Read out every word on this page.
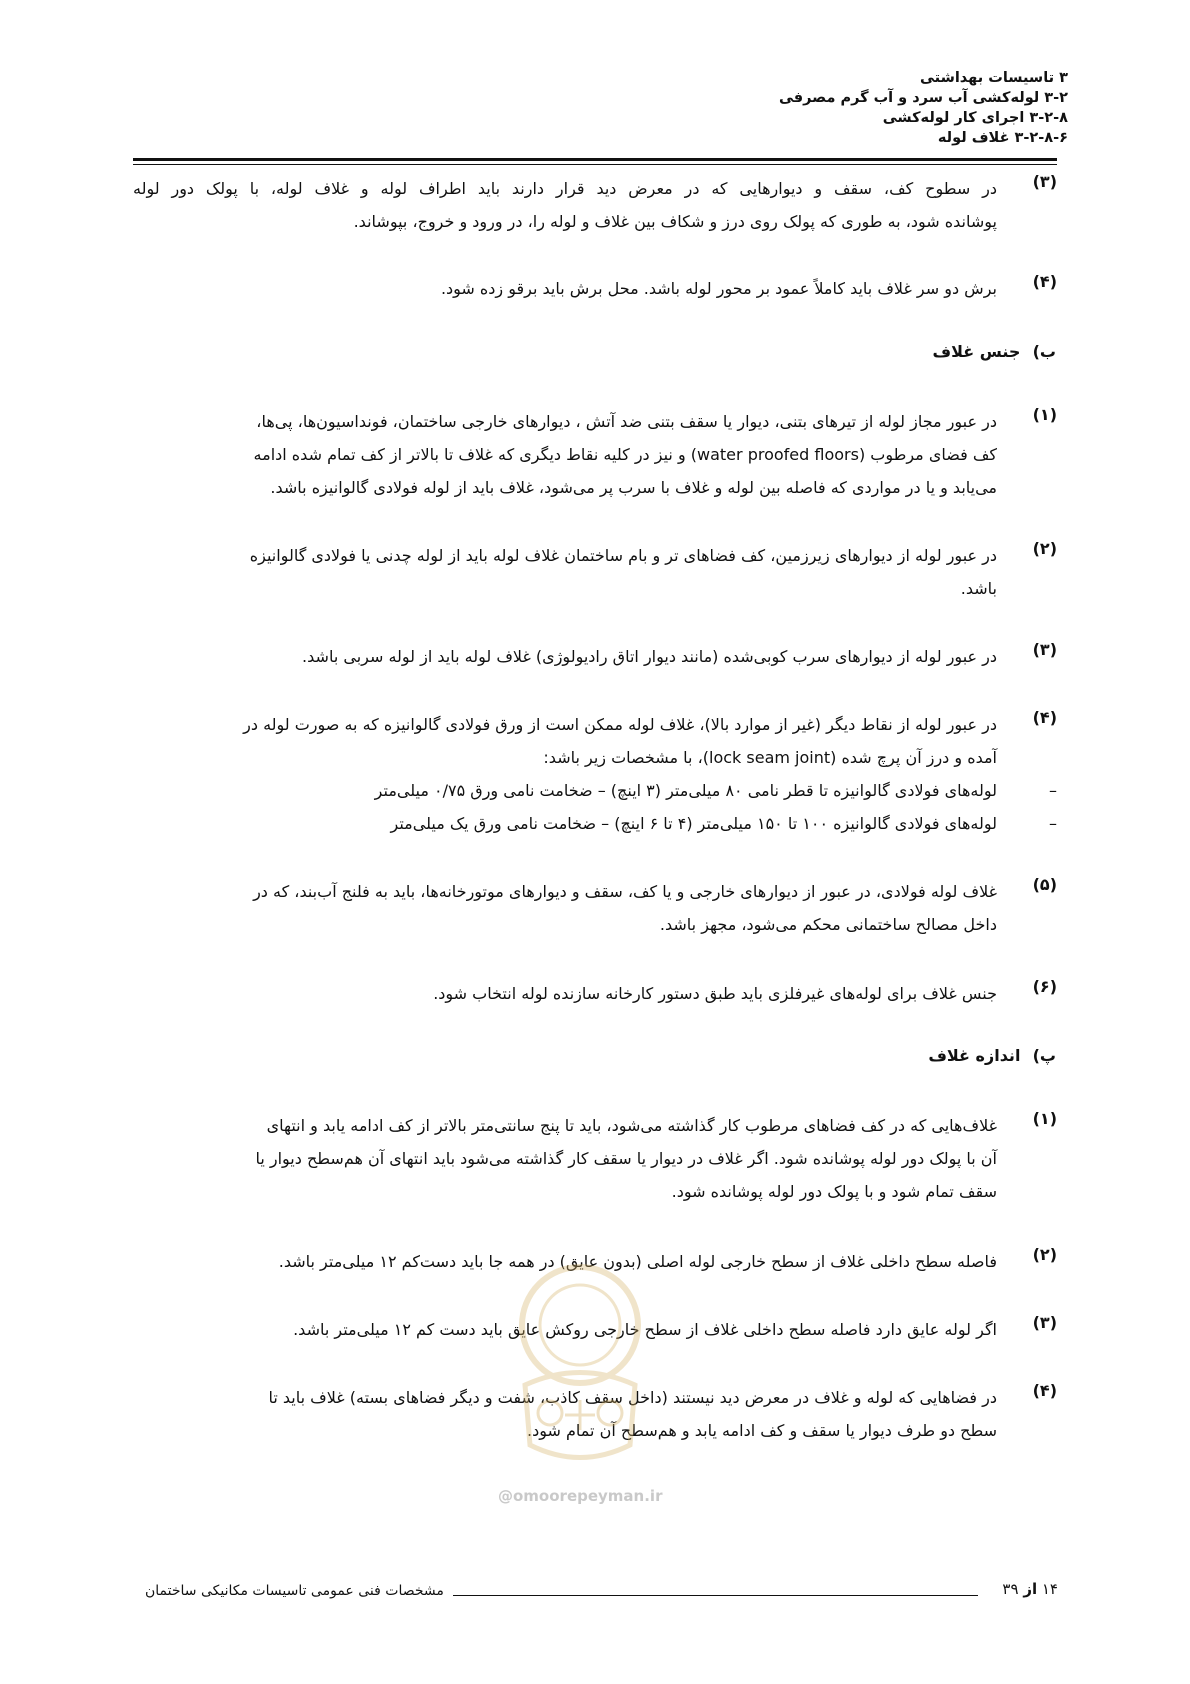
۳ تاسیسات بهداشتی
۳-۲ لوله‌کشی آب سرد و آب گرم مصرفی
۳-۲-۸ اجرای کار لوله‌کشی
۳-۲-۸-۶ غلاف لوله
(۳)
در سطوح کف، سقف و دیوارهایی که در معرض دید قرار دارند باید اطراف لوله و غلاف لوله، با پولک دور لوله
پوشانده شود، به طوری که پولک روی درز و شکاف بین غلاف و لوله را، در ورود و خروج، بپوشاند.
(۴)
برش دو سر غلاف باید کاملاً عمود بر محور لوله باشد. محل برش باید برقو زده شود.
ب) جنس غلاف
(۱)
در عبور مجاز لوله از تیرهای بتنی، دیوار یا سقف بتنی ضد آتش ، دیوارهای خارجی ساختمان، فونداسیون‌ها، پی‌ها،
کف فضای مرطوب (water proofed floors) و نیز در کلیه نقاط دیگری که غلاف تا بالاتر از کف تمام شده ادامه
می‌یابد و یا در مواردی که فاصله بین لوله و غلاف با سرب پر می‌شود، غلاف باید از لوله فولادی گالوانیزه باشد.
(۲)
در عبور لوله از دیوارهای زیرزمین، کف فضاهای تر و بام ساختمان غلاف لوله باید از لوله چدنی یا فولادی گالوانیزه
باشد.
(۳)
در عبور لوله از دیوارهای سرب کوبی‌شده (مانند دیوار اتاق رادیولوژی) غلاف لوله باید از لوله سربی باشد.
(۴)
در عبور لوله از نقاط دیگر (غیر از موارد بالا)، غلاف لوله ممکن است از ورق فولادی گالوانیزه که به صورت لوله در
آمده و درز آن پرچ شده (lock seam joint)، با مشخصات زیر باشد:
–
لوله‌های فولادی گالوانیزه تا قطر نامی ۸۰ میلی‌متر (۳ اینچ) – ضخامت نامی ورق ۰/۷۵ میلی‌متر
–
لوله‌های فولادی گالوانیزه ۱۰۰ تا ۱۵۰ میلی‌متر (۴ تا ۶ اینچ) – ضخامت نامی ورق یک میلی‌متر
(۵)
غلاف لوله فولادی، در عبور از دیوارهای خارجی و یا کف، سقف و دیوارهای موتورخانه‌ها، باید به فلنج آب‌بند، که در
داخل مصالح ساختمانی محکم می‌شود، مجهز باشد.
(۶)
جنس غلاف برای لوله‌های غیرفلزی باید طبق دستور کارخانه سازنده لوله انتخاب شود.
پ) اندازه غلاف
(۱)
غلاف‌هایی که در کف فضاهای مرطوب کار گذاشته می‌شود، باید تا پنج سانتی‌متر بالاتر از کف ادامه یابد و انتهای
آن با پولک دور لوله پوشانده شود. اگر غلاف در دیوار یا سقف کار گذاشته می‌شود باید انتهای آن هم‌سطح دیوار یا
سقف تمام شود و با پولک دور لوله پوشانده شود.
(۲)
فاصله سطح داخلی غلاف از سطح خارجی لوله اصلی (بدون عایق) در همه جا باید دست‌کم ۱۲ میلی‌متر باشد.
(۳)
اگر لوله عایق دارد فاصله سطح داخلی غلاف از سطح خارجی روکش عایق باید دست کم ۱۲ میلی‌متر باشد.
(۴)
در فضاهایی که لوله و غلاف در معرض دید نیستند (داخل سقف کاذب، شفت و دیگر فضاهای بسته) غلاف باید تا
سطح دو طرف دیوار یا سقف و کف ادامه یابد و هم‌سطح آن تمام شود.
@omoorepeyman.ir
مشخصات فنی عمومی تاسیسات مکانیکی ساختمان	۱۴ از ۳۹
